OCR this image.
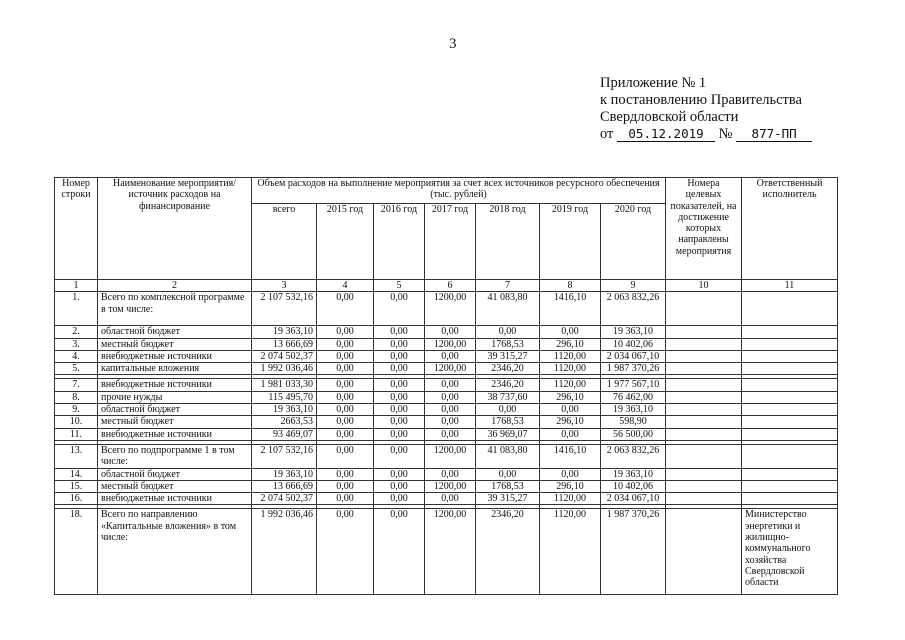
3
Приложение № 1
к постановлению Правительства
Свердловской области
от 05.12.2019 № 877-ПП
Номер строки	Наименование мероприятия/ источник расходов на финансирование	Объем расходов на выполнение мероприятия за счет всех источников ресурсного обеспечения (тыс. рублей)							Номера целевых показателей, на достижение которых направлены мероприятия	Ответственный исполнитель
		всего	2015 год	2016 год	2017 год	2018 год	2019 год	2020 год		
1	2	3	4	5	6	7	8	9	10	11
1.	Всего по комплексной программе в том числе:	2 107 532,16	0,00	0,00	1200,00	41 083,80	1416,10	2 063 832,26		
2.	областной бюджет	19 363,10	0,00	0,00	0,00	0,00	0,00	19 363,10		
3.	местный бюджет	13 666,69	0,00	0,00	1200,00	1768,53	296,10	10 402,06		
4.	внебюджетные источники	2 074 502,37	0,00	0,00	0,00	39 315,27	1120,00	2 034 067,10		
5.	капитальные вложения	1 992 036,46	0,00	0,00	1200,00	2346,20	1120,00	1 987 370,26		

7.	внебюджетные источники	1 981 033,30	0,00	0,00	0,00	2346,20	1120,00	1 977 567,10		
8.	прочие нужды	115 495,70	0,00	0,00	0,00	38 737,60	296,10	76 462,00		
9.	областной бюджет	19 363,10	0,00	0,00	0,00	0,00	0,00	19 363,10		
10.	местный бюджет	2663,53	0,00	0,00	0,00	1768,53	296,10	598,90		
11.	внебюджетные источники	93 469,07	0,00	0,00	0,00	36 969,07	0,00	56 500,00		

13.	Всего по подпрограмме 1 в том числе:	2 107 532,16	0,00	0,00	1200,00	41 083,80	1416,10	2 063 832,26		
14.	областной бюджет	19 363,10	0,00	0,00	0,00	0,00	0,00	19 363,10		
15.	местный бюджет	13 666,69	0,00	0,00	1200,00	1768,53	296,10	10 402,06		
16.	внебюджетные источники	2 074 502,37	0,00	0,00	0,00	39 315,27	1120,00	2 034 067,10		

18.	Всего по направлению «Капитальные вложения» в том числе:	1 992 036,46	0,00	0,00	1200,00	2346,20	1120,00	1 987 370,26		Министерство энергетики и жилищно-коммунального хозяйства Свердловской области
